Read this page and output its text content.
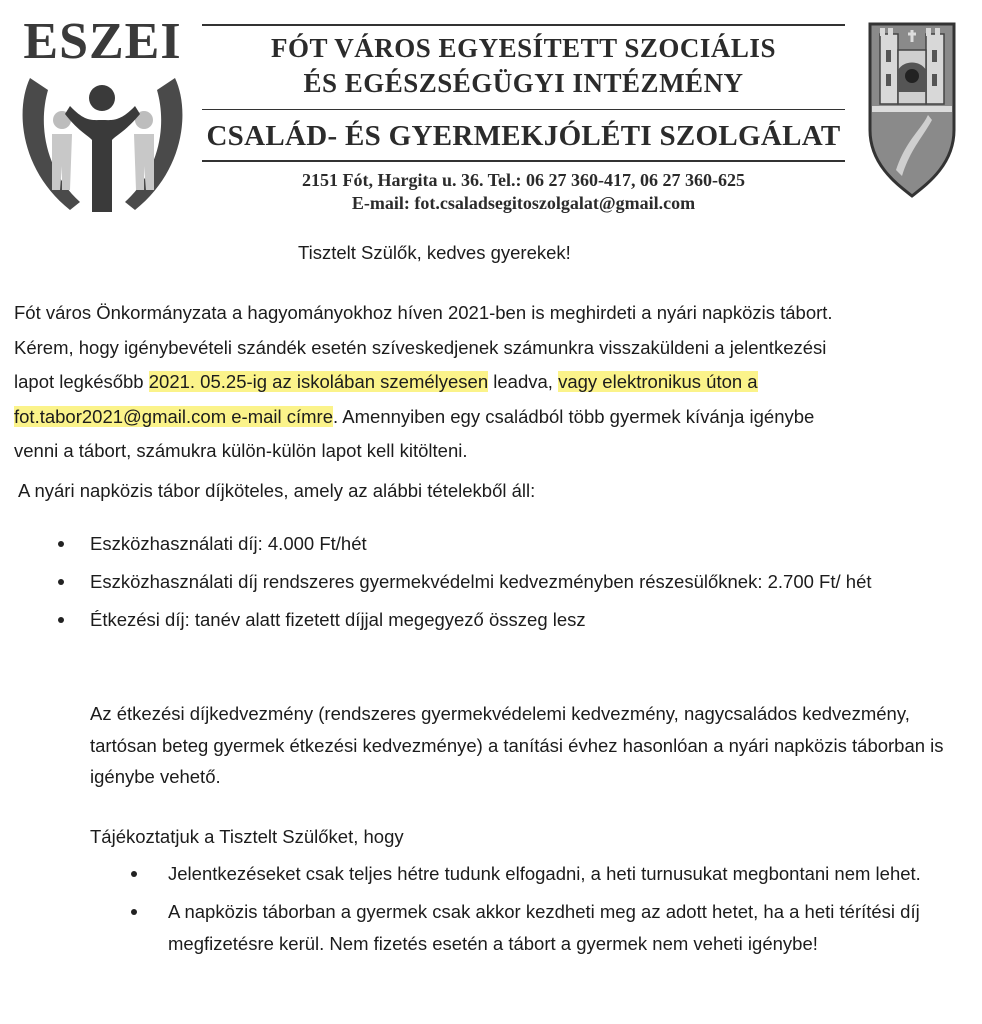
ESZEI	FÓT VÁROS EGYESÍTETT SZOCIÁLIS
ÉS EGÉSZSÉGÜGYI INTÉZMÉNY
CSALÁD- ÉS GYERMEKJÓLÉTI SZOLGÁLAT
2151 Fót, Hargita u. 36. Tel.: 06 27 360-417, 06 27 360-625
E-mail: fot.csaladsegitoszolgalat@gmail.com
Tisztelt Szülők, kedves gyerekek!
Fót város Önkormányzata a hagyományokhoz híven 2021-ben is meghirdeti a nyári napközis tábort.
Kérem, hogy igénybevételi szándék esetén szíveskedjenek számunkra visszaküldeni a jelentkezési
lapot legkésőbb 2021. 05.25-ig az iskolában személyesen leadva, vagy elektronikus úton a
fot.tabor2021@gmail.com e-mail címre. Amennyiben egy családból több gyermek kívánja igénybe
venni a tábort, számukra külön-külön lapot kell kitölteni.
A nyári napközis tábor díjköteles, amely az alábbi tételekből áll:
Eszközhasználati díj: 4.000 Ft/hét
Eszközhasználati díj rendszeres gyermekvédelmi kedvezményben részesülőknek: 2.700 Ft/ hét
Étkezési díj: tanév alatt fizetett díjjal megegyező összeg lesz
Az étkezési díjkedvezmény (rendszeres gyermekvédelemi kedvezmény, nagycsaládos kedvezmény, tartósan beteg gyermek étkezési kedvezménye) a tanítási évhez hasonlóan a nyári napközis táborban is igénybe vehető.
Tájékoztatjuk a Tisztelt Szülőket, hogy
Jelentkezéseket csak teljes hétre tudunk elfogadni, a heti turnusukat megbontani nem lehet.
A napközis táborban a gyermek csak akkor kezdheti meg az adott hetet, ha a heti térítési díj megfizetésre kerül. Nem fizetés esetén a tábort a gyermek nem veheti igénybe!
